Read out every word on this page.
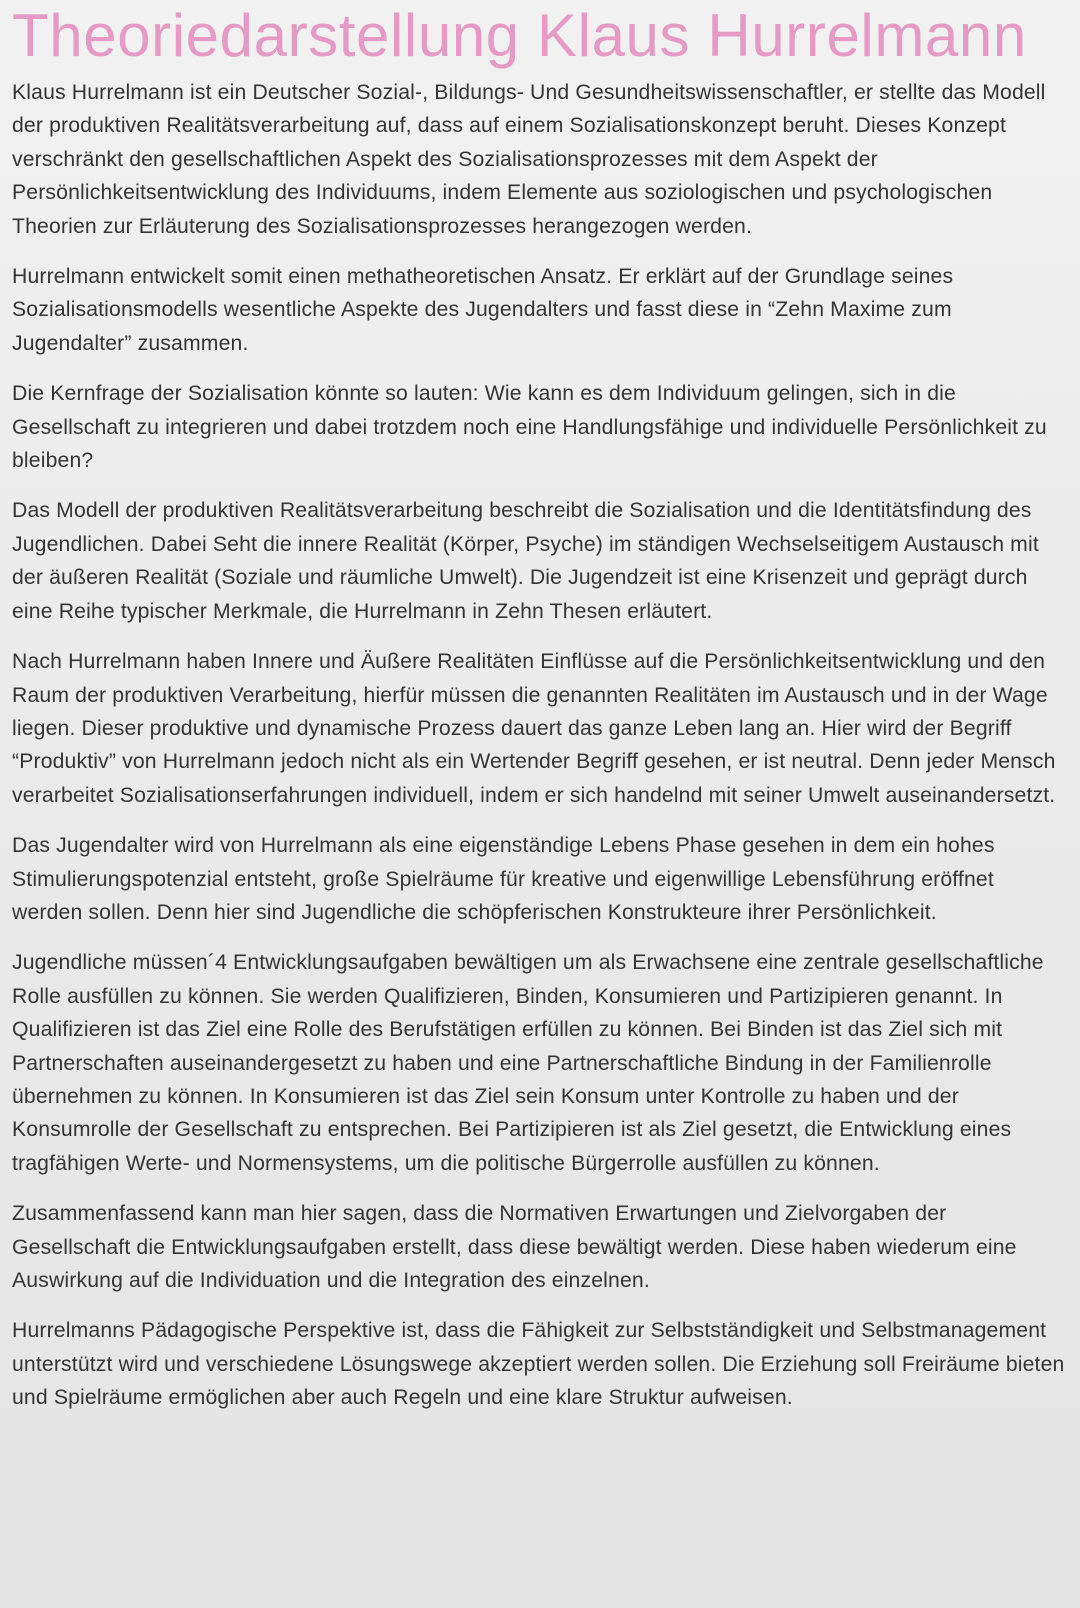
Theoriedarstellung Klaus Hurrelmann

Klaus Hurrelmann ist ein Deutscher Sozial-, Bildungs- Und Gesundheitswissenschaftler, er stellte das Modell der produktiven Realitätsverarbeitung auf, dass auf einem Sozialisationskonzept beruht. Dieses Konzept verschränkt den gesellschaftlichen Aspekt des Sozialisationsprozesses mit dem Aspekt der Persönlichkeitsentwicklung des Individuums, indem Elemente aus soziologischen und psychologischen Theorien zur Erläuterung des Sozialisationsprozesses herangezogen werden.

Hurrelmann entwickelt somit einen methatheoretischen Ansatz. Er erklärt auf der Grundlage seines Sozialisationsmodells wesentliche Aspekte des Jugendalters und fasst diese in “Zehn Maxime zum Jugendalter” zusammen.

Die Kernfrage der Sozialisation könnte so lauten: Wie kann es dem Individuum gelingen, sich in die Gesellschaft zu integrieren und dabei trotzdem noch eine Handlungsfähige und individuelle Persönlichkeit zu bleiben?

Das Modell der produktiven Realitätsverarbeitung beschreibt die Sozialisation und die Identitätsfindung des Jugendlichen. Dabei Seht die innere Realität (Körper, Psyche) im ständigen Wechselseitigem Austausch mit der äußeren Realität (Soziale und räumliche Umwelt). Die Jugendzeit ist eine Krisenzeit und geprägt durch eine Reihe typischer Merkmale, die Hurrelmann in Zehn Thesen erläutert.

Nach Hurrelmann haben Innere und Äußere Realitäten Einflüsse auf die Persönlichkeitsentwicklung und den Raum der produktiven Verarbeitung, hierfür müssen die genannten Realitäten im Austausch und in der Wage liegen. Dieser produktive und dynamische Prozess dauert das ganze Leben lang an. Hier wird der Begriff “Produktiv” von Hurrelmann jedoch nicht als ein Wertender Begriff gesehen, er ist neutral. Denn jeder Mensch verarbeitet Sozialisationserfahrungen individuell, indem er sich handelnd mit seiner Umwelt auseinandersetzt.

Das Jugendalter wird von Hurrelmann als eine eigenständige Lebens Phase gesehen in dem ein hohes Stimulierungspotenzial entsteht, große Spielräume für kreative und eigenwillige Lebensführung eröffnet werden sollen. Denn hier sind Jugendliche die schöpferischen Konstrukteure ihrer Persönlichkeit.

Jugendliche müssen´4 Entwicklungsaufgaben bewältigen um als Erwachsene eine zentrale gesellschaftliche Rolle ausfüllen zu können. Sie werden Qualifizieren, Binden, Konsumieren und Partizipieren genannt. In Qualifizieren ist das Ziel eine Rolle des Berufstätigen erfüllen zu können. Bei Binden ist das Ziel sich mit Partnerschaften auseinandergesetzt zu haben und eine Partnerschaftliche Bindung in der Familienrolle übernehmen zu können. In Konsumieren ist das Ziel sein Konsum unter Kontrolle zu haben und der Konsumrolle der Gesellschaft zu entsprechen. Bei Partizipieren ist als Ziel gesetzt, die Entwicklung eines tragfähigen Werte- und Normensystems, um die politische Bürgerrolle ausfüllen zu können.

Zusammenfassend kann man hier sagen, dass die Normativen Erwartungen und Zielvorgaben der Gesellschaft die Entwicklungsaufgaben erstellt, dass diese bewältigt werden. Diese haben wiederum eine Auswirkung auf die Individuation und die Integration des einzelnen.

Hurrelmanns Pädagogische Perspektive ist, dass die Fähigkeit zur Selbstständigkeit und Selbstmanagement unterstützt wird und verschiedene Lösungswege akzeptiert werden sollen. Die Erziehung soll Freiräume bieten und Spielräume ermöglichen aber auch Regeln und eine klare Struktur aufweisen.
